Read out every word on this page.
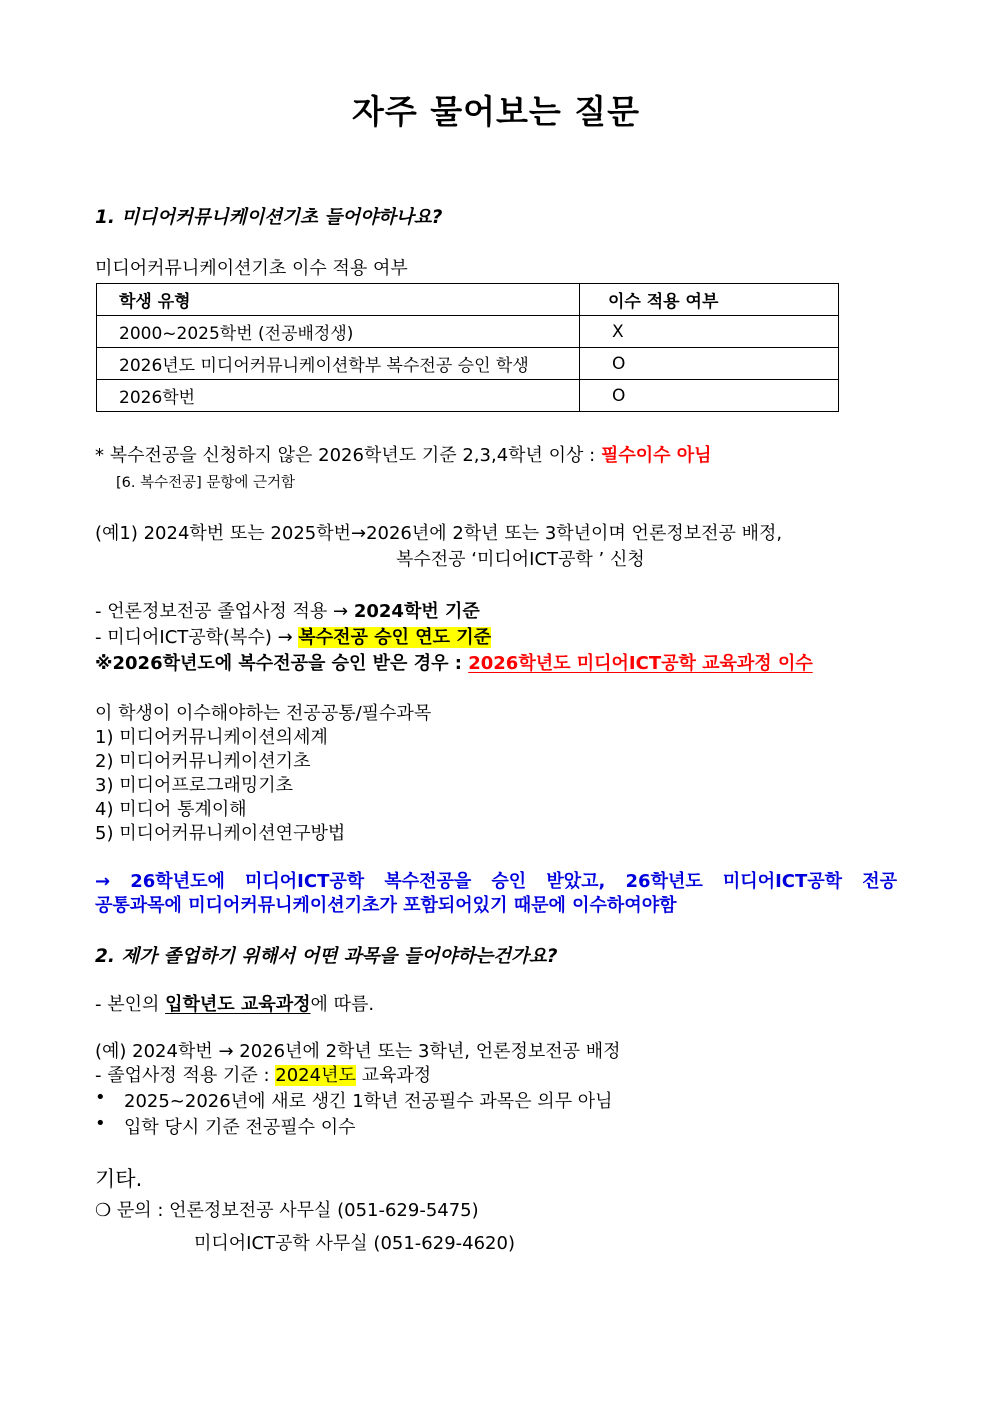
자주 물어보는 질문
1. 미디어커뮤니케이션기초 들어야하나요?
미디어커뮤니케이션기초 이수 적용 여부
학생 유형	이수 적용 여부
2000~2025학번 (전공배정생)	X
2026년도 미디어커뮤니케이션학부 복수전공 승인 학생	O
2026학번	O
* 복수전공을 신청하지 않은 2026학년도 기준 2,3,4학년 이상 : 필수이수 아님
[6. 복수전공] 문항에 근거함
(예1) 2024학번 또는 2025학번→2026년에 2학년 또는 3학년이며 언론정보전공 배정,
복수전공 ‘미디어ICT공학 ’ 신청
- 언론정보전공 졸업사정 적용 → 2024학번 기준
- 미디어ICT공학(복수) → 복수전공 승인 연도 기준
※2026학년도에 복수전공을 승인 받은 경우 : 2026학년도 미디어ICT공학 교육과정 이수
이 학생이 이수해야하는 전공공통/필수과목
1) 미디어커뮤니케이션의세계
2) 미디어커뮤니케이션기초
3) 미디어프로그래밍기초
4) 미디어 통계이해
5) 미디어커뮤니케이션연구방법
→ 26학년도에 미디어ICT공학 복수전공을 승인 받았고, 26학년도 미디어ICT공학 전공
공통과목에 미디어커뮤니케이션기초가 포함되어있기 때문에 이수하여야함
2. 제가 졸업하기 위해서 어떤 과목을 들어야하는건가요?
- 본인의 입학년도 교육과정에 따름.
(예) 2024학번 → 2026년에 2학년 또는 3학년, 언론정보전공 배정
- 졸업사정 적용 기준 : 2024년도 교육과정
• 2025~2026년에 새로 생긴 1학년 전공필수 과목은 의무 아님
• 입학 당시 기준 전공필수 이수
기타.
❍ 문의 : 언론정보전공 사무실 (051-629-5475)
미디어ICT공학 사무실 (051-629-4620)
